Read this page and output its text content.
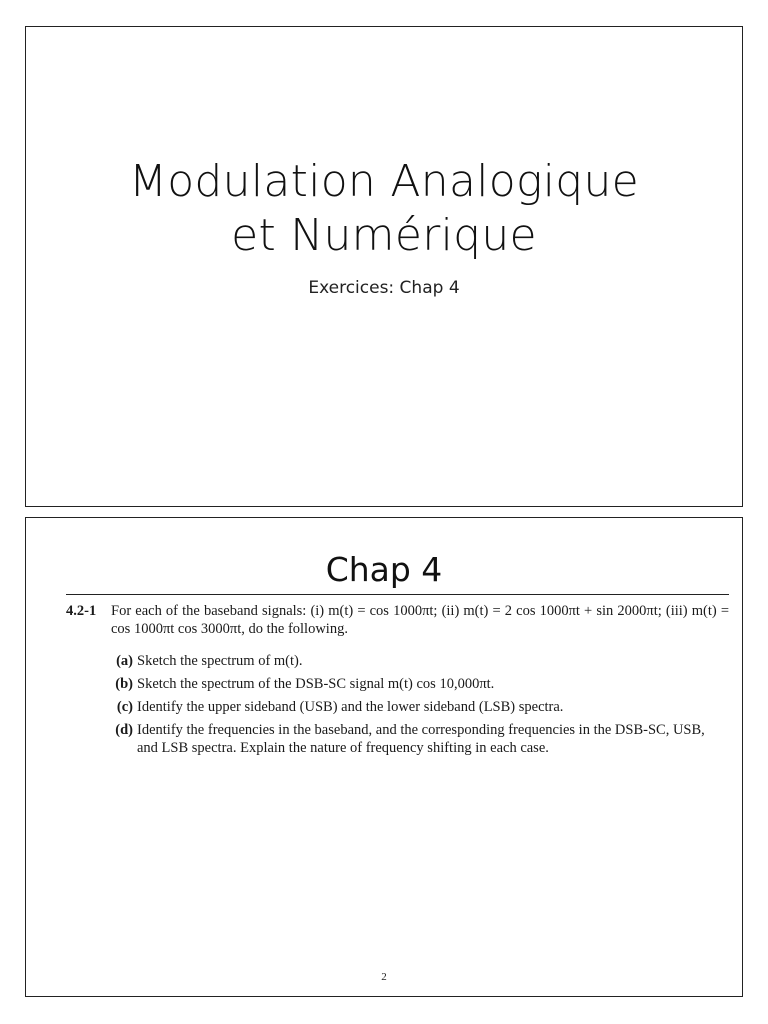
Modulation Analogique
et Numérique
Exercices: Chap 4
Chap 4
4.2-1 For each of the baseband signals: (i) m(t) = cos 1000πt; (ii) m(t) = 2 cos 1000πt + sin 2000πt; (iii) m(t) = cos 1000πt cos 3000πt, do the following.
(a) Sketch the spectrum of m(t).
(b) Sketch the spectrum of the DSB-SC signal m(t) cos 10,000πt.
(c) Identify the upper sideband (USB) and the lower sideband (LSB) spectra.
(d) Identify the frequencies in the baseband, and the corresponding frequencies in the DSB-SC, USB, and LSB spectra. Explain the nature of frequency shifting in each case.
2
